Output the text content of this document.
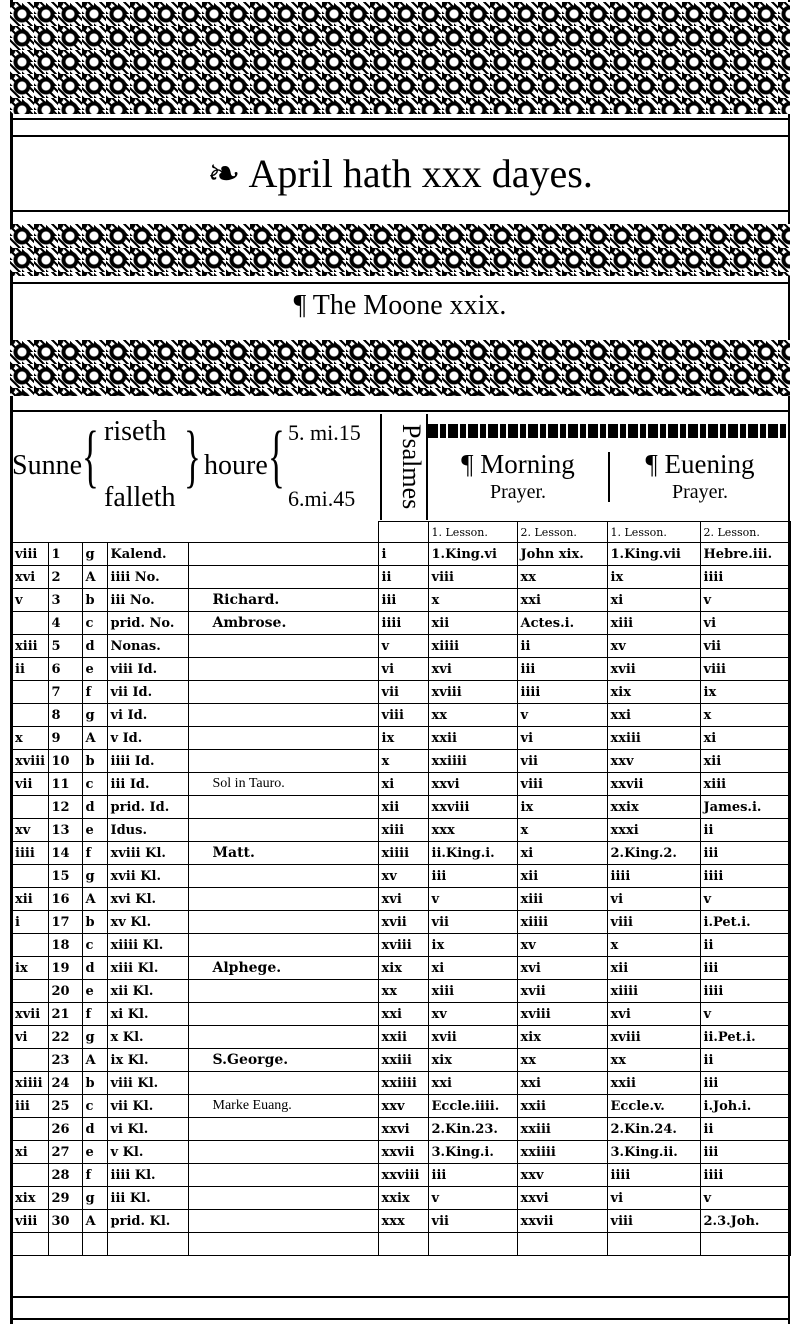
❧ April hath xxx dayes.
¶ The Moone xxix.
Sunne { riseth
falleth
} houre { 5. mi.15
6.mi.45	Psalmes	¶ Morning
Prayer.
¶ Euening
Prayer.
						1. Lesson.	2. Lesson.	1. Lesson.	2. Lesson.
viii	1	g	Kalend.		i	1.King.vi	John xix.	1.King.vii	Hebre.iii.
xvi	2	A	iiii No.		ii	viii	xx	ix	iiii
v	3	b	iii No.	Richard.	iii	x	xxi	xi	v
	4	c	prid. No.	Ambrose.	iiii	xii	Actes.i.	xiii	vi
xiii	5	d	Nonas.		v	xiiii	ii	xv	vii
ii	6	e	viii Id.		vi	xvi	iii	xvii	viii
	7	f	vii Id.		vii	xviii	iiii	xix	ix
	8	g	vi Id.		viii	xx	v	xxi	x
x	9	A	v Id.		ix	xxii	vi	xxiii	xi
xviii	10	b	iiii Id.		x	xxiiii	vii	xxv	xii
vii	11	c	iii Id.	Sol in Tauro.	xi	xxvi	viii	xxvii	xiii
	12	d	prid. Id.		xii	xxviii	ix	xxix	James.i.
xv	13	e	Idus.		xiii	xxx	x	xxxi	ii
iiii	14	f	xviii Kl.	Matt.	xiiii	ii.King.i.	xi	2.King.2.	iii
	15	g	xvii Kl.		xv	iii	xii	iiii	iiii
xii	16	A	xvi Kl.		xvi	v	xiii	vi	v
i	17	b	xv Kl.		xvii	vii	xiiii	viii	i.Pet.i.
	18	c	xiiii Kl.		xviii	ix	xv	x	ii
ix	19	d	xiii Kl.	Alphege.	xix	xi	xvi	xii	iii
	20	e	xii Kl.		xx	xiii	xvii	xiiii	iiii
xvii	21	f	xi Kl.		xxi	xv	xviii	xvi	v
vi	22	g	x Kl.		xxii	xvii	xix	xviii	ii.Pet.i.
	23	A	ix Kl.	S.George.	xxiii	xix	xx	xx	ii
xiiii	24	b	viii Kl.		xxiiii	xxi	xxi	xxii	iii
iii	25	c	vii Kl.	Marke Euang.	xxv	Eccle.iiii.	xxii	Eccle.v.	i.Joh.i.
	26	d	vi Kl.		xxvi	2.Kin.23.	xxiii	2.Kin.24.	ii
xi	27	e	v Kl.		xxvii	3.King.i.	xxiiii	3.King.ii.	iii
	28	f	iiii Kl.		xxviii	iii	xxv	iiii	iiii
xix	29	g	iii Kl.		xxix	v	xxvi	vi	v
viii	30	A	prid. Kl.		xxx	vii	xxvii	viii	2.3.Joh.
